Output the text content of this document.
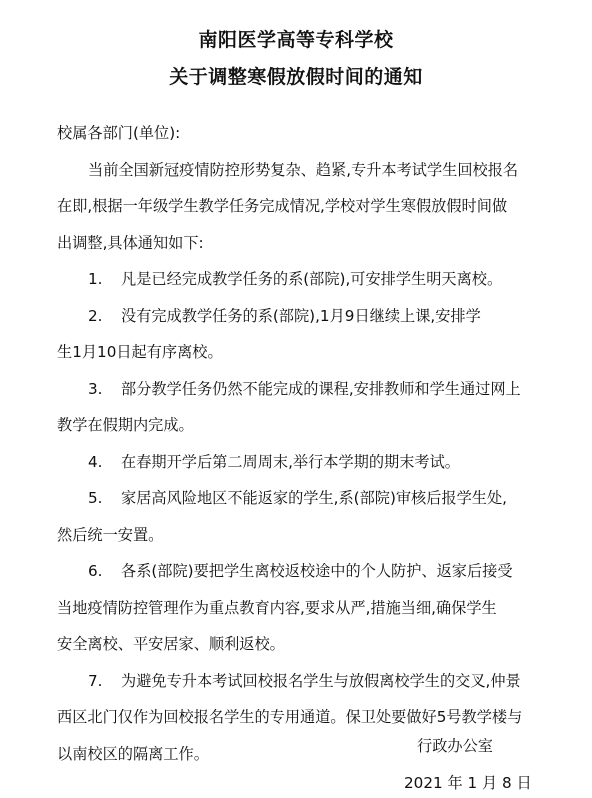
南阳医学高等专科学校
关于调整寒假放假时间的通知
校属各部门(单位):
当前全国新冠疫情防控形势复杂、趋紧,专升本考试学生回校报名
在即,根据一年级学生教学任务完成情况,学校对学生寒假放假时间做
出调整,具体通知如下:
1. 凡是已经完成教学任务的系(部院),可安排学生明天离校。
2. 没有完成教学任务的系(部院),1月9日继续上课,安排学
生1月10日起有序离校。
3. 部分教学任务仍然不能完成的课程,安排教师和学生通过网上
教学在假期内完成。
4. 在春期开学后第二周周末,举行本学期的期末考试。
5. 家居高风险地区不能返家的学生,系(部院)审核后报学生处,
然后统一安置。
6. 各系(部院)要把学生离校返校途中的个人防护、返家后接受
当地疫情防控管理作为重点教育内容,要求从严,措施当细,确保学生
安全离校、平安居家、顺利返校。
7. 为避免专升本考试回校报名学生与放假离校学生的交叉,仲景
西区北门仅作为回校报名学生的专用通道。保卫处要做好5号教学楼与
以南校区的隔离工作。	行政办公室
2021 年 1 月 8 日
